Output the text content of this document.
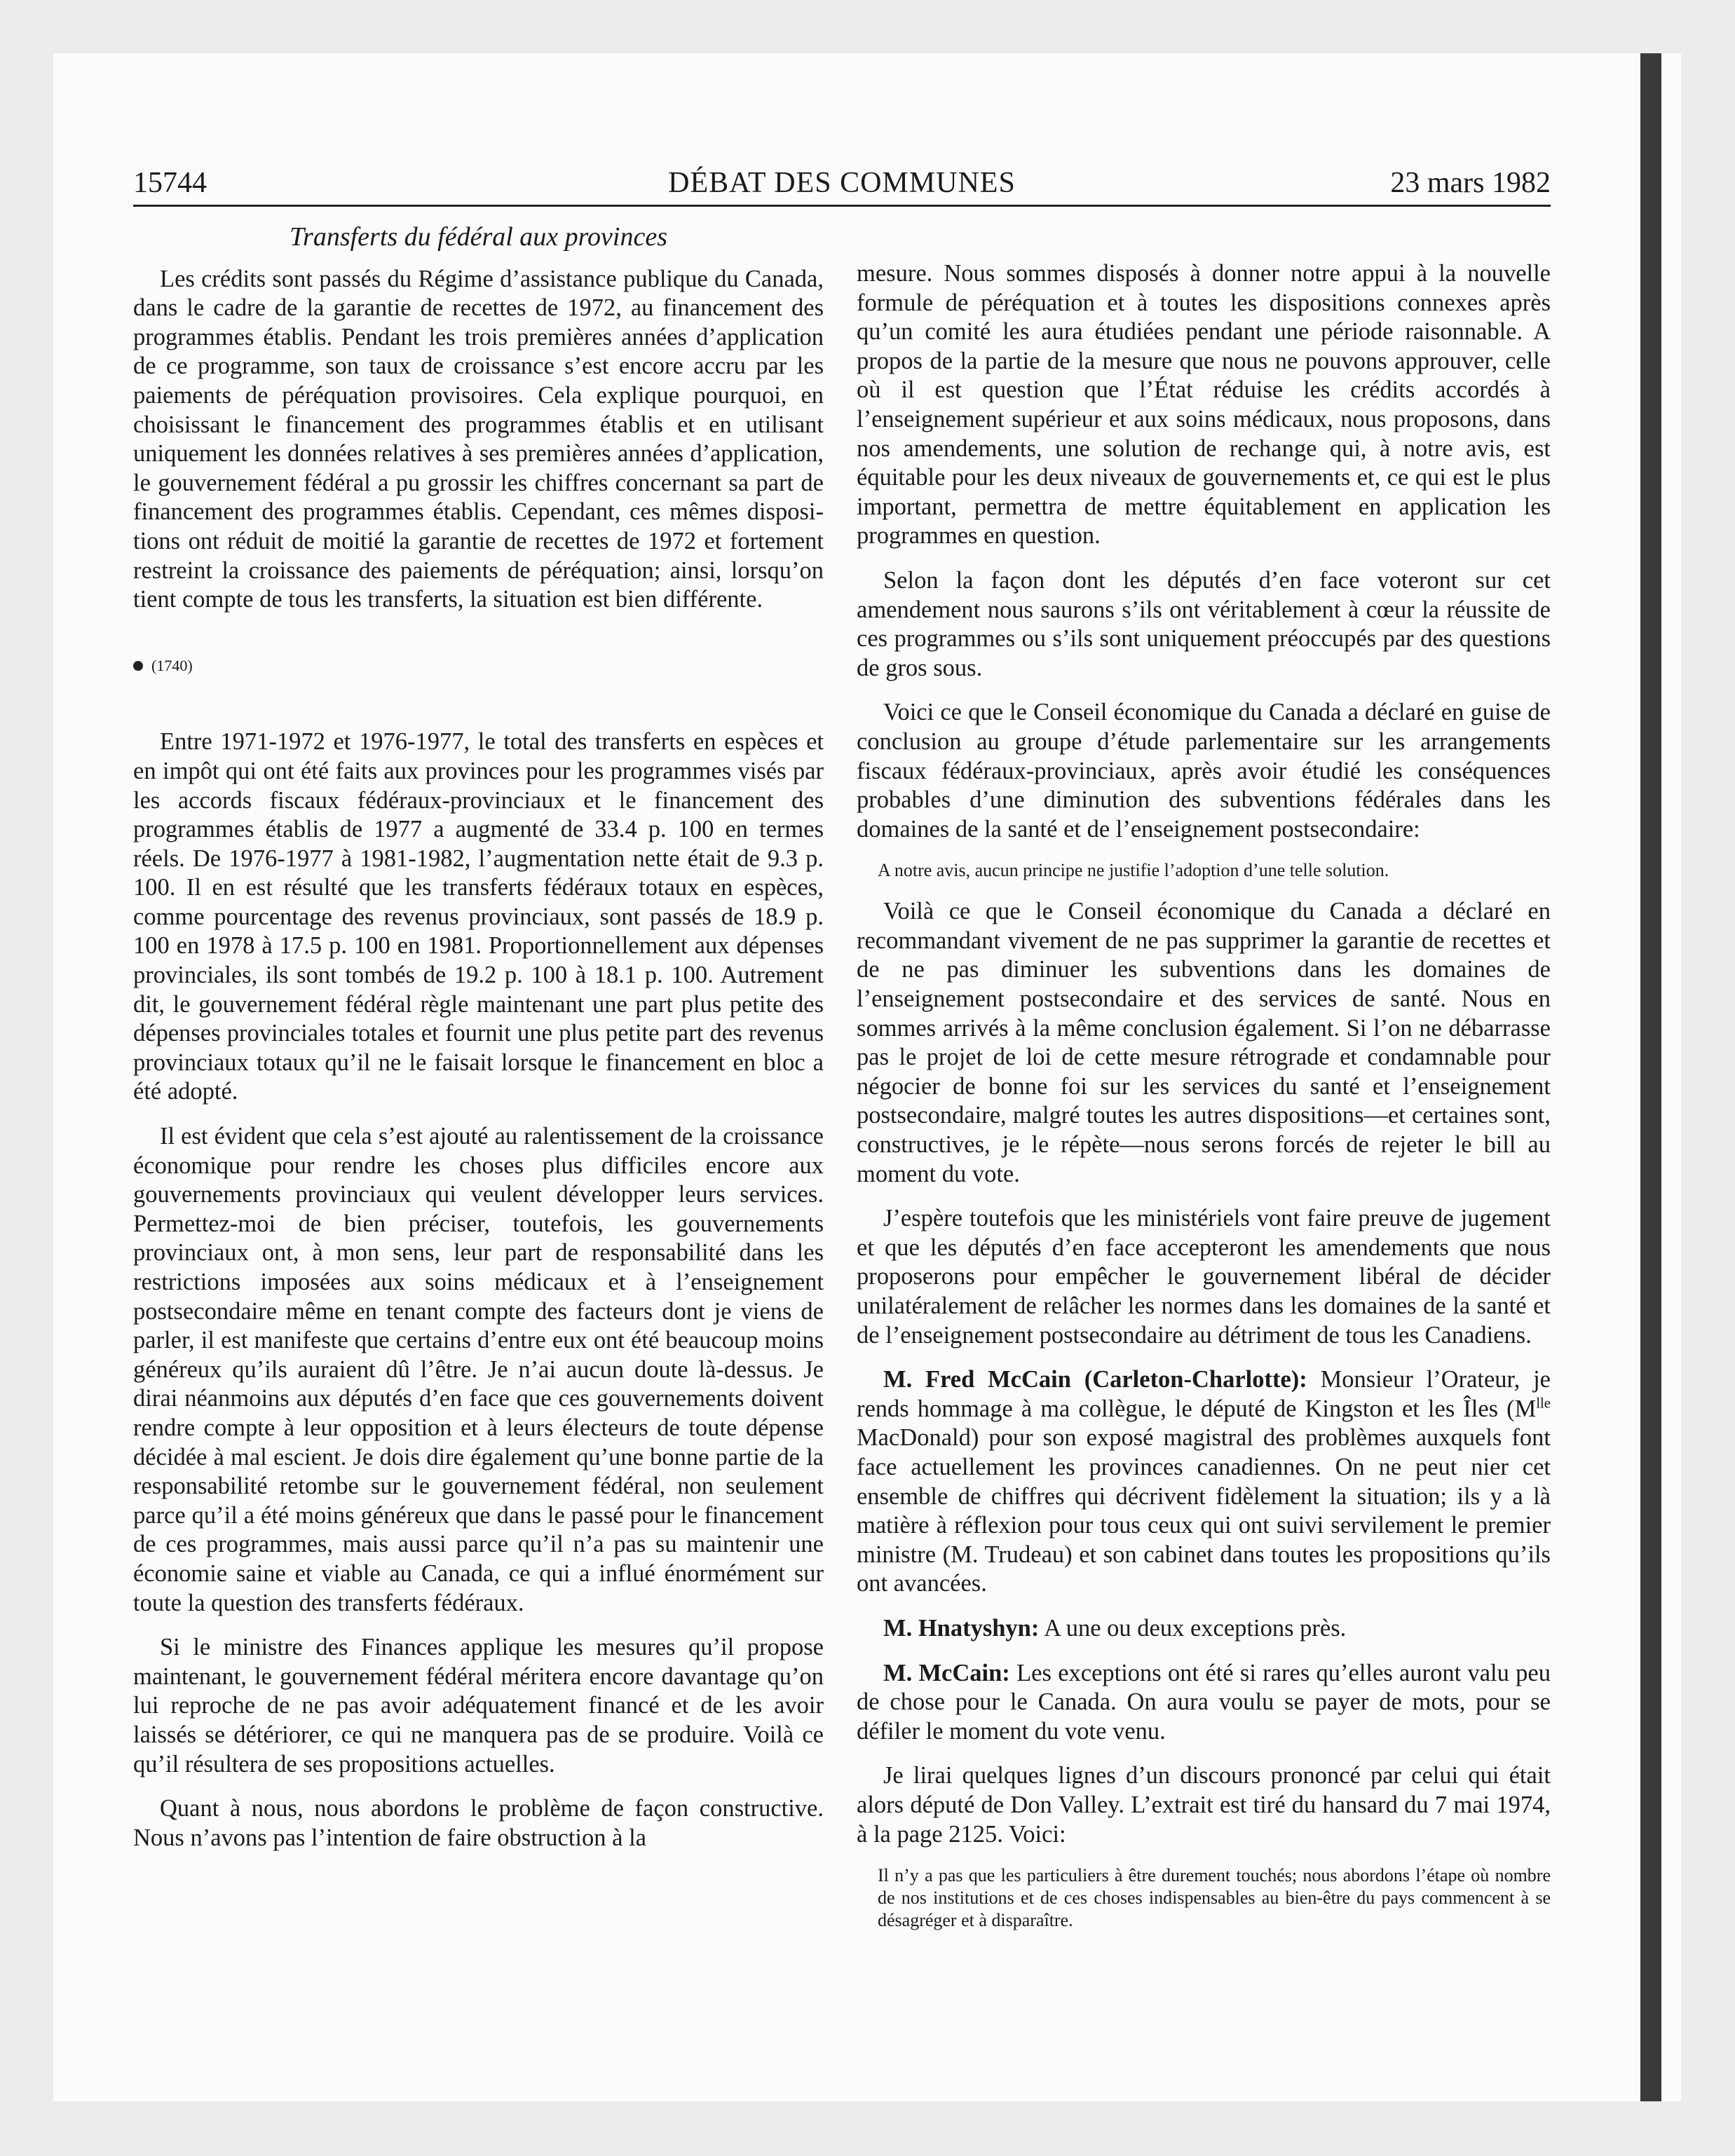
15744	DÉBAT DES COMMUNES	23 mars 1982
Transferts du fédéral aux provinces

Les crédits sont passés du Régime d’assistance publique du Canada, dans le cadre de la garantie de recettes de 1972, au financement des programmes établis. Pendant les trois premières années d’application de ce programme, son taux de croissance s’est encore accru par les paiements de péréquation provisoires. Cela explique pourquoi, en choisissant le financement des programmes établis et en utilisant uniquement les données relatives à ses premières années d’application, le gouvernement fédéral a pu grossir les chiffres concernant sa part de financement des programmes établis. Cependant, ces mêmes dispositions ont réduit de moitié la garantie de recettes de 1972 et fortement restreint la croissance des paiements de péréquation; ainsi, lorsqu’on tient compte de tous les transferts, la situation est bien différente.

(1740)

Entre 1971-1972 et 1976-1977, le total des transferts en espèces et en impôt qui ont été faits aux provinces pour les programmes visés par les accords fiscaux fédéraux-provinciaux et le financement des programmes établis de 1977 a augmenté de 33.4 p. 100 en termes réels. De 1976-1977 à 1981-1982, l’augmentation nette était de 9.3 p. 100. Il en est résulté que les transferts fédéraux totaux en espèces, comme pourcentage des revenus provinciaux, sont passés de 18.9 p. 100 en 1978 à 17.5 p. 100 en 1981. Proportionnellement aux dépenses provinciales, ils sont tombés de 19.2 p. 100 à 18.1 p. 100. Autrement dit, le gouvernement fédéral règle maintenant une part plus petite des dépenses provinciales totales et fournit une plus petite part des revenus provinciaux totaux qu’il ne le faisait lorsque le financement en bloc a été adopté.

Il est évident que cela s’est ajouté au ralentissement de la croissance économique pour rendre les choses plus difficiles encore aux gouvernements provinciaux qui veulent développer leurs services. Permettez-moi de bien préciser, toutefois, les gouvernements provinciaux ont, à mon sens, leur part de responsabilité dans les restrictions imposées aux soins médicaux et à l’enseignement postsecondaire même en tenant compte des facteurs dont je viens de parler, il est manifeste que certains d’entre eux ont été beaucoup moins généreux qu’ils auraient dû l’être. Je n’ai aucun doute là-dessus. Je dirai néanmoins aux députés d’en face que ces gouvernements doivent rendre compte à leur opposition et à leurs électeurs de toute dépense décidée à mal escient. Je dois dire également qu’une bonne partie de la responsabilité retombe sur le gouvernement fédéral, non seulement parce qu’il a été moins généreux que dans le passé pour le financement de ces programmes, mais aussi parce qu’il n’a pas su maintenir une économie saine et viable au Canada, ce qui a influé énormément sur toute la question des transferts fédéraux.

Si le ministre des Finances applique les mesures qu’il propose maintenant, le gouvernement fédéral méritera encore davantage qu’on lui reproche de ne pas avoir adéquatement financé et de les avoir laissés se détériorer, ce qui ne manquera pas de se produire. Voilà ce qu’il résultera de ses propositions actuelles.

Quant à nous, nous abordons le problème de façon constructive. Nous n’avons pas l’intention de faire obstruction à la

mesure. Nous sommes disposés à donner notre appui à la nouvelle formule de péréquation et à toutes les dispositions connexes après qu’un comité les aura étudiées pendant une période raisonnable. A propos de la partie de la mesure que nous ne pouvons approuver, celle où il est question que l’État réduise les crédits accordés à l’enseignement supérieur et aux soins médicaux, nous proposons, dans nos amendements, une solution de rechange qui, à notre avis, est équitable pour les deux niveaux de gouvernements et, ce qui est le plus important, permettra de mettre équitablement en application les programmes en question.

Selon la façon dont les députés d’en face voteront sur cet amendement nous saurons s’ils ont véritablement à cœur la réussite de ces programmes ou s’ils sont uniquement préoccupés par des questions de gros sous.

Voici ce que le Conseil économique du Canada a déclaré en guise de conclusion au groupe d’étude parlementaire sur les arrangements fiscaux fédéraux-provinciaux, après avoir étudié les conséquences probables d’une diminution des subventions fédérales dans les domaines de la santé et de l’enseignement postsecondaire:

A notre avis, aucun principe ne justifie l’adoption d’une telle solution.

Voilà ce que le Conseil économique du Canada a déclaré en recommandant vivement de ne pas supprimer la garantie de recettes et de ne pas diminuer les subventions dans les domaines de l’enseignement postsecondaire et des services de santé. Nous en sommes arrivés à la même conclusion également. Si l’on ne débarrasse pas le projet de loi de cette mesure rétrograde et condamnable pour négocier de bonne foi sur les services du santé et l’enseignement postsecondaire, malgré toutes les autres dispositions—et certaines sont, constructives, je le répète—nous serons forcés de rejeter le bill au moment du vote.

J’espère toutefois que les ministériels vont faire preuve de jugement et que les députés d’en face accepteront les amendements que nous proposerons pour empêcher le gouvernement libéral de décider unilatéralement de relâcher les normes dans les domaines de la santé et de l’enseignement postsecondaire au détriment de tous les Canadiens.

M. Fred McCain (Carleton-Charlotte): Monsieur l’Orateur, je rends hommage à ma collègue, le député de Kingston et les Îles ($M^{lle}$ MacDonald) pour son exposé magistral des problèmes auxquels font face actuellement les provinces canadiennes. On ne peut nier cet ensemble de chiffres qui décrivent fidèlement la situation; ils y a là matière à réflexion pour tous ceux qui ont suivi servilement le premier ministre (M. Trudeau) et son cabinet dans toutes les propositions qu’ils ont avancées.

M. Hnatyshyn: A une ou deux exceptions près.

M. McCain: Les exceptions ont été si rares qu’elles auront valu peu de chose pour le Canada. On aura voulu se payer de mots, pour se défiler le moment du vote venu.

Je lirai quelques lignes d’un discours prononcé par celui qui était alors député de Don Valley. L’extrait est tiré du hansard du 7 mai 1974, à la page 2125. Voici:

Il n’y a pas que les particuliers à être durement touchés; nous abordons l’étape où nombre de nos institutions et de ces choses indispensables au bien-être du pays commencent à se désagréger et à disparaître.
